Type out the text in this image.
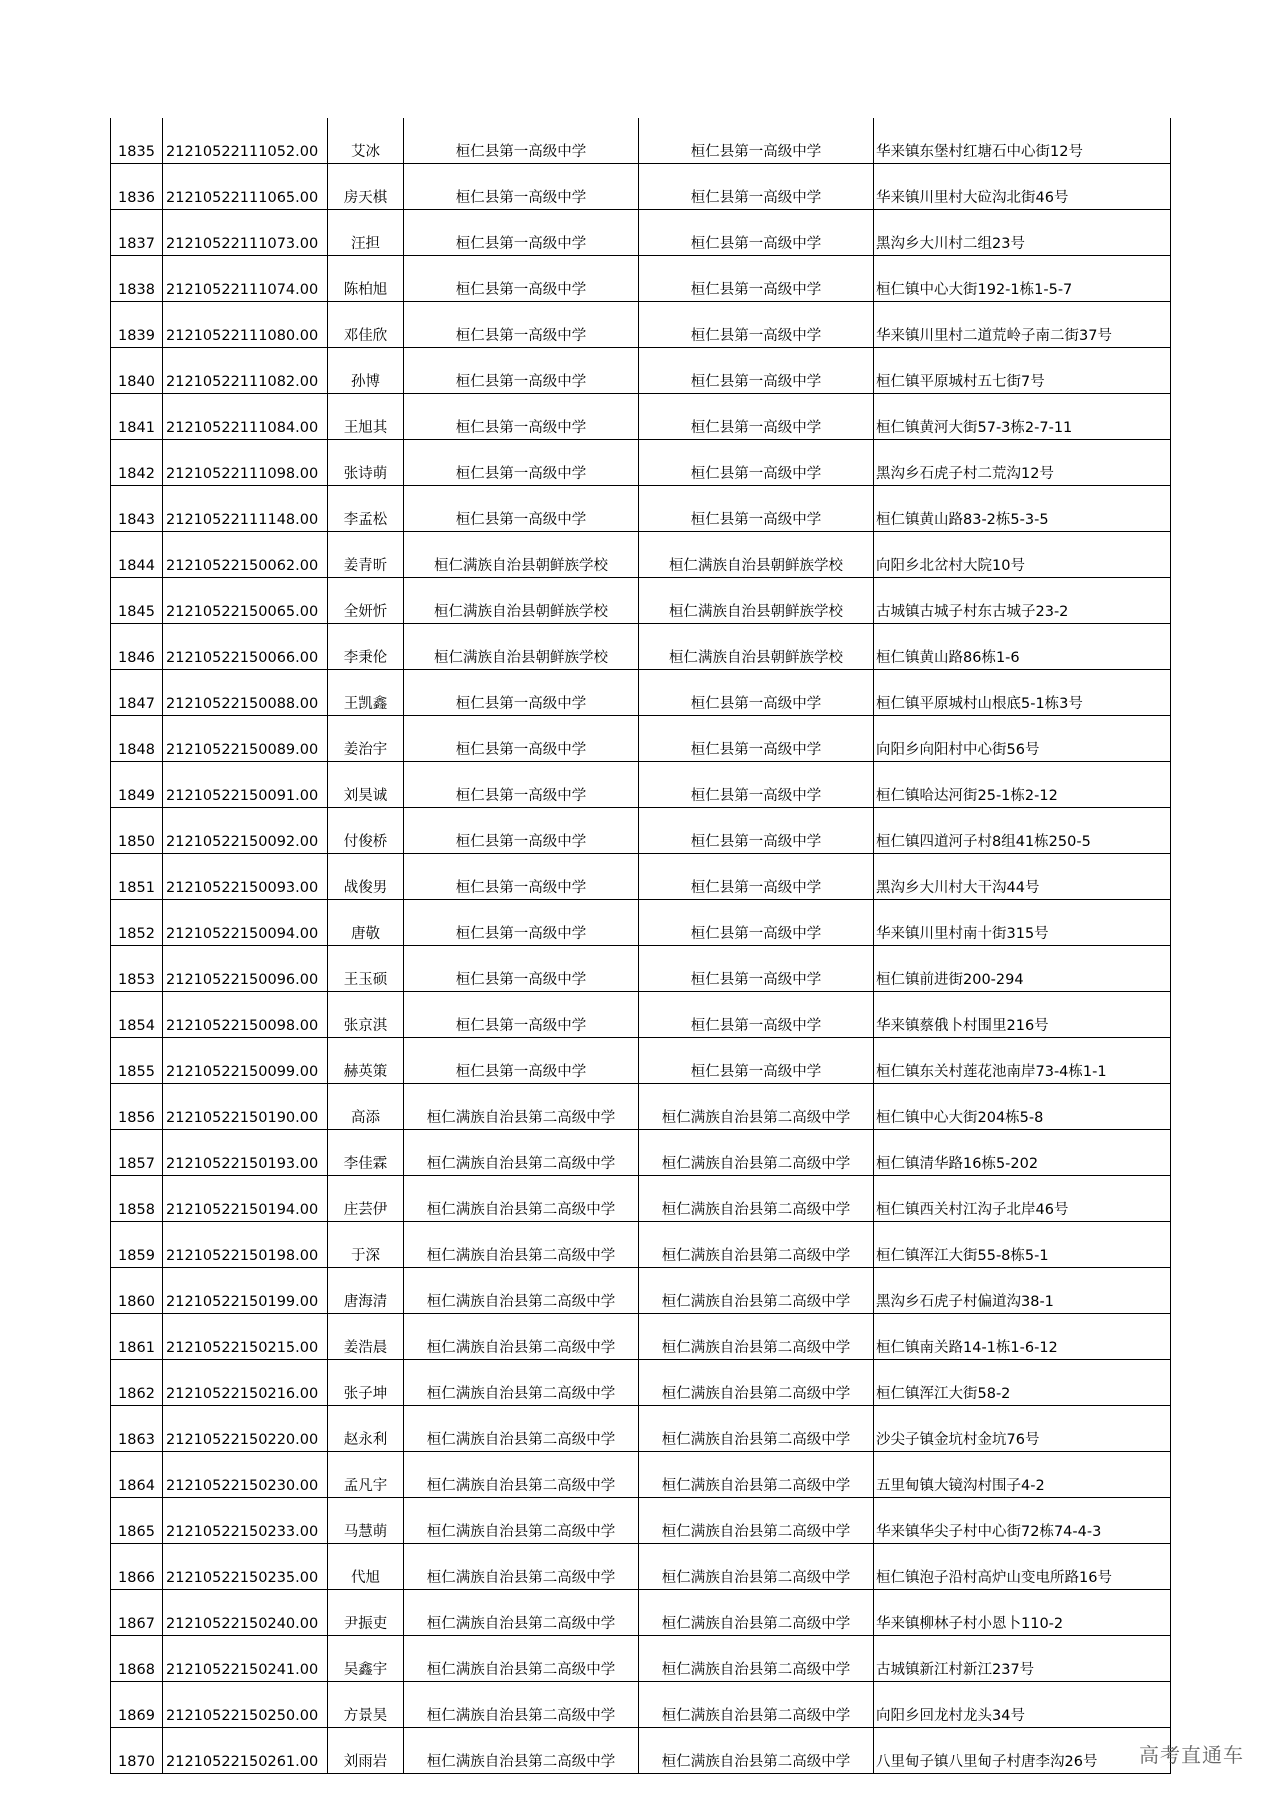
1835	21210522111052.00	艾冰	桓仁县第一高级中学	桓仁县第一高级中学	华来镇东堡村红塘石中心街12号
1836	21210522111065.00	房天棋	桓仁县第一高级中学	桓仁县第一高级中学	华来镇川里村大砬沟北街46号
1837	21210522111073.00	汪担	桓仁县第一高级中学	桓仁县第一高级中学	黑沟乡大川村二组23号
1838	21210522111074.00	陈柏旭	桓仁县第一高级中学	桓仁县第一高级中学	桓仁镇中心大街192-1栋1-5-7
1839	21210522111080.00	邓佳欣	桓仁县第一高级中学	桓仁县第一高级中学	华来镇川里村二道荒岭子南二街37号
1840	21210522111082.00	孙博	桓仁县第一高级中学	桓仁县第一高级中学	桓仁镇平原城村五七街7号
1841	21210522111084.00	王旭其	桓仁县第一高级中学	桓仁县第一高级中学	桓仁镇黄河大街57-3栋2-7-11
1842	21210522111098.00	张诗萌	桓仁县第一高级中学	桓仁县第一高级中学	黑沟乡石虎子村二荒沟12号
1843	21210522111148.00	李孟松	桓仁县第一高级中学	桓仁县第一高级中学	桓仁镇黄山路83-2栋5-3-5
1844	21210522150062.00	姜青昕	桓仁满族自治县朝鲜族学校	桓仁满族自治县朝鲜族学校	向阳乡北岔村大院10号
1845	21210522150065.00	全妍忻	桓仁满族自治县朝鲜族学校	桓仁满族自治县朝鲜族学校	古城镇古城子村东古城子23-2
1846	21210522150066.00	李秉伦	桓仁满族自治县朝鲜族学校	桓仁满族自治县朝鲜族学校	桓仁镇黄山路86栋1-6
1847	21210522150088.00	王凯鑫	桓仁县第一高级中学	桓仁县第一高级中学	桓仁镇平原城村山根底5-1栋3号
1848	21210522150089.00	姜治宇	桓仁县第一高级中学	桓仁县第一高级中学	向阳乡向阳村中心街56号
1849	21210522150091.00	刘昊诚	桓仁县第一高级中学	桓仁县第一高级中学	桓仁镇哈达河街25-1栋2-12
1850	21210522150092.00	付俊桥	桓仁县第一高级中学	桓仁县第一高级中学	桓仁镇四道河子村8组41栋250-5
1851	21210522150093.00	战俊男	桓仁县第一高级中学	桓仁县第一高级中学	黑沟乡大川村大干沟44号
1852	21210522150094.00	唐敬	桓仁县第一高级中学	桓仁县第一高级中学	华来镇川里村南十街315号
1853	21210522150096.00	王玉硕	桓仁县第一高级中学	桓仁县第一高级中学	桓仁镇前进街200-294
1854	21210522150098.00	张京淇	桓仁县第一高级中学	桓仁县第一高级中学	华来镇蔡俄卜村围里216号
1855	21210522150099.00	赫英策	桓仁县第一高级中学	桓仁县第一高级中学	桓仁镇东关村莲花池南岸73-4栋1-1
1856	21210522150190.00	高添	桓仁满族自治县第二高级中学	桓仁满族自治县第二高级中学	桓仁镇中心大街204栋5-8
1857	21210522150193.00	李佳霖	桓仁满族自治县第二高级中学	桓仁满族自治县第二高级中学	桓仁镇清华路16栋5-202
1858	21210522150194.00	庄芸伊	桓仁满族自治县第二高级中学	桓仁满族自治县第二高级中学	桓仁镇西关村江沟子北岸46号
1859	21210522150198.00	于深	桓仁满族自治县第二高级中学	桓仁满族自治县第二高级中学	桓仁镇浑江大街55-8栋5-1
1860	21210522150199.00	唐海清	桓仁满族自治县第二高级中学	桓仁满族自治县第二高级中学	黑沟乡石虎子村偏道沟38-1
1861	21210522150215.00	姜浩晨	桓仁满族自治县第二高级中学	桓仁满族自治县第二高级中学	桓仁镇南关路14-1栋1-6-12
1862	21210522150216.00	张子坤	桓仁满族自治县第二高级中学	桓仁满族自治县第二高级中学	桓仁镇浑江大街58-2
1863	21210522150220.00	赵永利	桓仁满族自治县第二高级中学	桓仁满族自治县第二高级中学	沙尖子镇金坑村金坑76号
1864	21210522150230.00	孟凡宇	桓仁满族自治县第二高级中学	桓仁满族自治县第二高级中学	五里甸镇大镜沟村围子4-2
1865	21210522150233.00	马慧萌	桓仁满族自治县第二高级中学	桓仁满族自治县第二高级中学	华来镇华尖子村中心街72栋74-4-3
1866	21210522150235.00	代旭	桓仁满族自治县第二高级中学	桓仁满族自治县第二高级中学	桓仁镇泡子沿村高炉山变电所路16号
1867	21210522150240.00	尹振吏	桓仁满族自治县第二高级中学	桓仁满族自治县第二高级中学	华来镇柳林子村小恩卜110-2
1868	21210522150241.00	吴鑫宇	桓仁满族自治县第二高级中学	桓仁满族自治县第二高级中学	古城镇新江村新江237号
1869	21210522150250.00	方景昊	桓仁满族自治县第二高级中学	桓仁满族自治县第二高级中学	向阳乡回龙村龙头34号
1870	21210522150261.00	刘雨岩	桓仁满族自治县第二高级中学	桓仁满族自治县第二高级中学	八里甸子镇八里甸子村唐李沟26号 高考直通车
